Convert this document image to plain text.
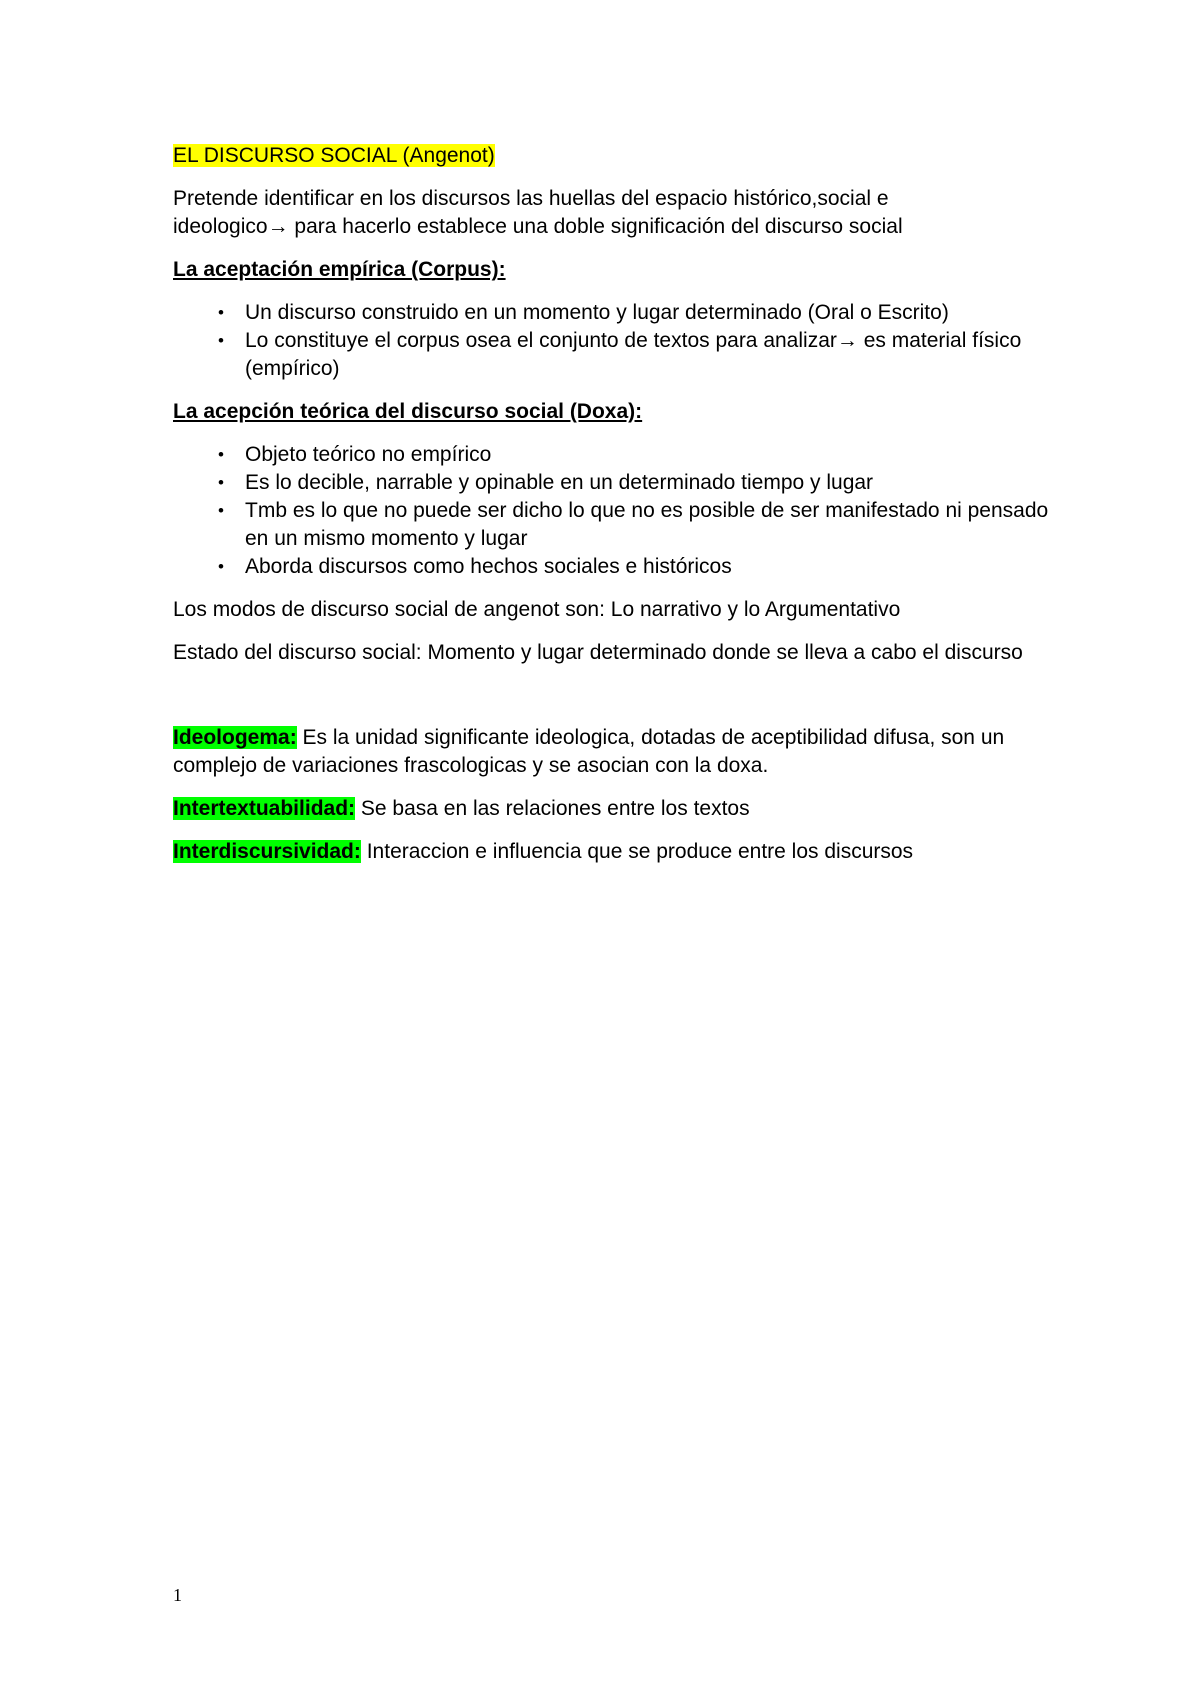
EL DISCURSO SOCIAL (Angenot)

Pretende identificar en los discursos las huellas del espacio histórico,social e
ideologico→ para hacerlo establece una doble significación del discurso social

La aceptación empírica (Corpus):

• Un discurso construido en un momento y lugar determinado (Oral o Escrito)
• Lo constituye el corpus osea el conjunto de textos para analizar→ es material físico (empírico)

La acepción teórica del discurso social (Doxa):

• Objeto teórico no empírico
• Es lo decible, narrable y opinable en un determinado tiempo y lugar
• Tmb es lo que no puede ser dicho lo que no es posible de ser manifestado ni pensado en un mismo momento y lugar
• Aborda discursos como hechos sociales e históricos

Los modos de discurso social de angenot son: Lo narrativo y lo Argumentativo

Estado del discurso social: Momento y lugar determinado donde se lleva a cabo el discurso

Ideologema: Es la unidad significante ideologica, dotadas de aceptibilidad difusa, son un complejo de variaciones frascologicas y se asocian con la doxa.

Intertextuabilidad: Se basa en las relaciones entre los textos

Interdiscursividad: Interaccion e influencia que se produce entre los discursos

1
